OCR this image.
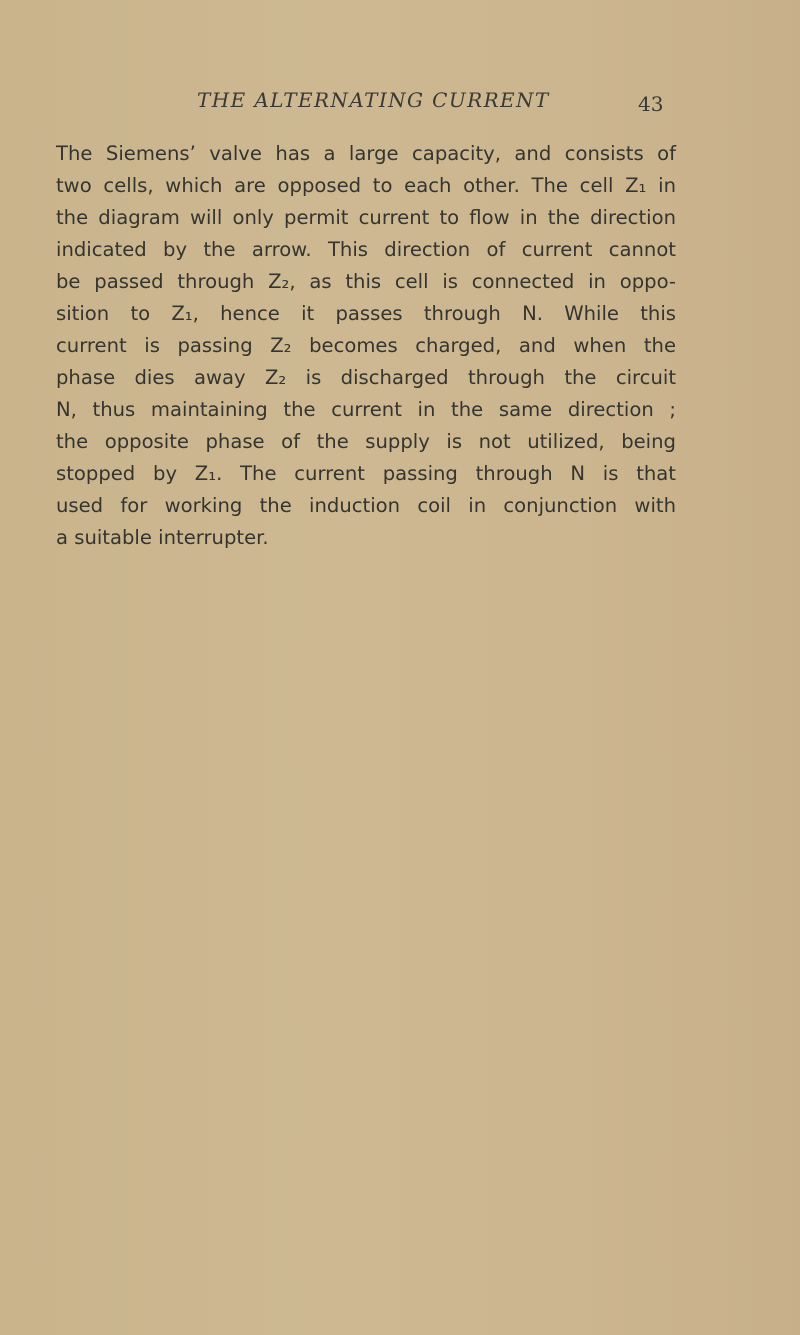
THE ALTERNATING CURRENT	43
The Siemens’ valve has a large capacity, and consists of
two cells, which are opposed to each other. The cell Z₁ in
the diagram will only permit current to flow in the direction
indicated by the arrow. This direction of current cannot
be passed through Z₂, as this cell is connected in oppo-
sition to Z₁, hence it passes through N. While this
current is passing Z₂ becomes charged, and when the
phase dies away Z₂ is discharged through the circuit
N, thus maintaining the current in the same direction ;
the opposite phase of the supply is not utilized, being
stopped by Z₁. The current passing through N is that
used for working the induction coil in conjunction with
a suitable interrupter.
